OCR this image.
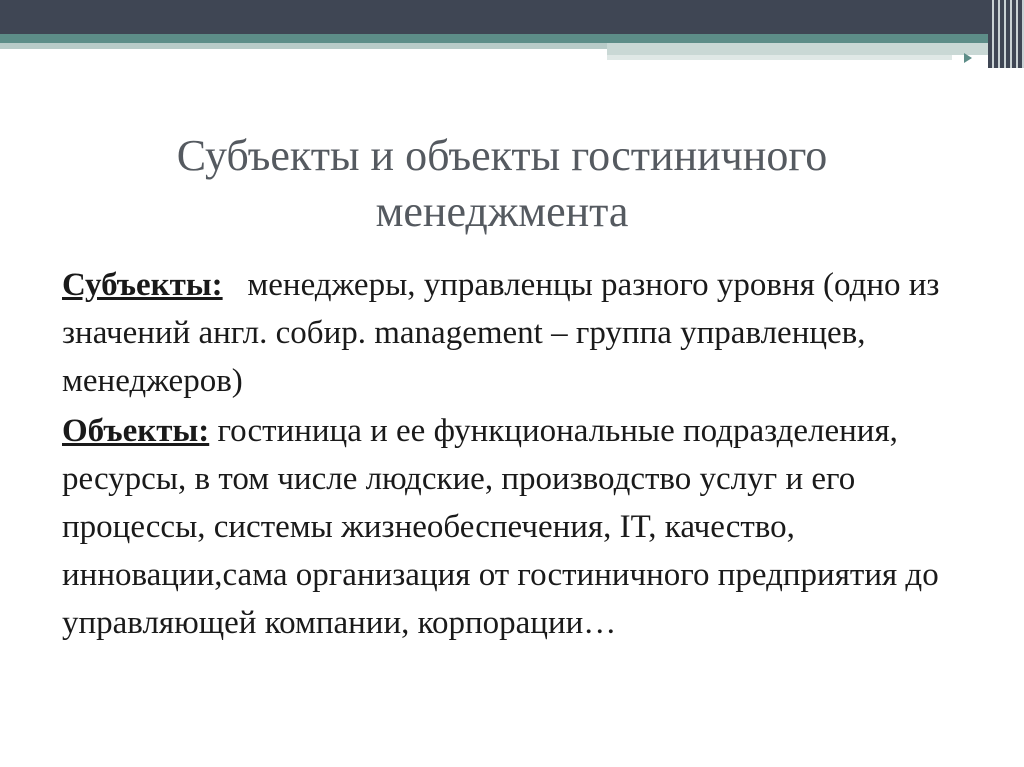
Субъекты и объекты гостиничного
менеджмента

Субъекты: менеджеры, управленцы разного уровня (одно из значений англ. собир. management – группа управленцев, менеджеров)

Объекты: гостиница и ее функциональные подразделения, ресурсы, в том числе людские, производство услуг и его процессы, системы жизнеобеспечения, IT, качество, инновации,сама организация от гостиничного предприятия до управляющей компании, корпорации…
